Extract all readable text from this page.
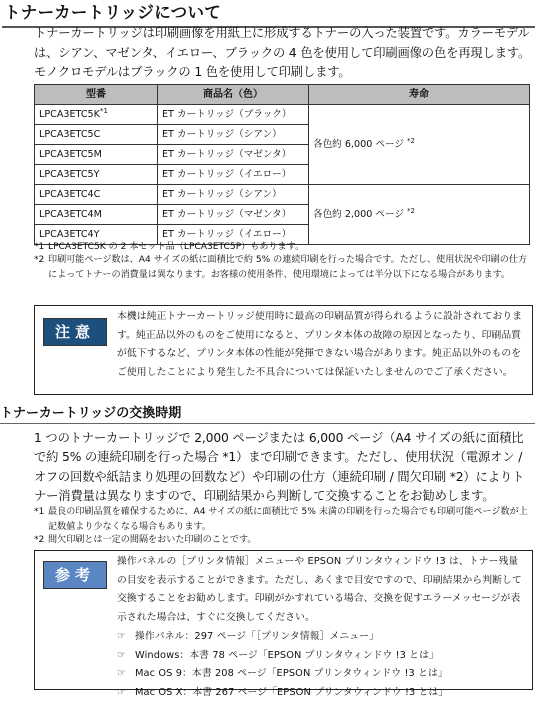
トナーカートリッジについて
トナーカートリッジは印刷画像を用紙上に形成するトナーの入った装置です。カラーモデルは、シアン、マゼンタ、イエロー、ブラックの 4 色を使用して印刷画像の色を再現します。モノクロモデルはブラックの 1 色を使用して印刷します。
型番	商品名（色）	寿命
$LPCA3ETC5K^{*1}$	ET カートリッジ（ブラック）	各色約 6,000 ページ $^{*2}$
LPCA3ETC5C	ET カートリッジ（シアン）	
LPCA3ETC5M	ET カートリッジ（マゼンタ）	
LPCA3ETC5Y	ET カートリッジ（イエロー）	
LPCA3ETC4C	ET カートリッジ（シアン）	各色約 2,000 ページ $^{*2}$
LPCA3ETC4M	ET カートリッジ（マゼンタ）	
LPCA3ETC4Y	ET カートリッジ（イエロー）	
*1 LPCA3ETC5K の 2 本セット品（LPCA3ETC5P）もあります。
*2 印刷可能ページ数は、A4 サイズの紙に面積比で約 5% の連続印刷を行った場合です。ただし、使用状況や印刷の仕方によってトナーの消費量は異なります。お客様の使用条件、使用環境によっては半分以下になる場合があります。
注意
本機は純正トナーカートリッジ使用時に最高の印刷品質が得られるように設計されております。純正品以外のものをご使用になると、プリンタ本体の故障の原因となったり、印刷品質が低下するなど、プリンタ本体の性能が発揮できない場合があります。純正品以外のものをご使用したことにより発生した不具合については保証いたしませんのでご了承ください。
トナーカートリッジの交換時期
1 つのトナーカートリッジで 2,000 ページまたは 6,000 ページ（A4 サイズの紙に面積比で約 5% の連続印刷を行った場合 *1）まで印刷できます。ただし、使用状況（電源オン / オフの回数や紙詰まり処理の回数など）や印刷の仕方（連続印刷 / 間欠印刷 *2）によりトナー消費量は異なりますので、印刷結果から判断して交換することをお勧めします。
*1 最良の印刷品質を確保するために、A4 サイズの紙に面積比で 5% 未満の印刷を行った場合でも印刷可能ページ数が上記数値より少なくなる場合もあります。
*2 間欠印刷とは一定の間隔をおいた印刷のことです。
参考
操作パネルの［プリンタ情報］メニューや EPSON プリンタウィンドウ !3 は、トナー残量の目安を表示することができます。ただし、あくまで目安ですので、印刷結果から判断して交換することをお勧めします。印刷がかすれている場合、交換を促すエラーメッセージが表示された場合は、すぐに交換してください。
☞ 操作パネル：297 ページ「［プリンタ情報］メニュー」
☞ Windows：本書 78 ページ「EPSON プリンタウィンドウ !3 とは」
☞ Mac OS 9：本書 208 ページ「EPSON プリンタウィンドウ !3 とは」
☞ Mac OS X：本書 267 ページ「EPSON プリンタウィンドウ !3 とは」
